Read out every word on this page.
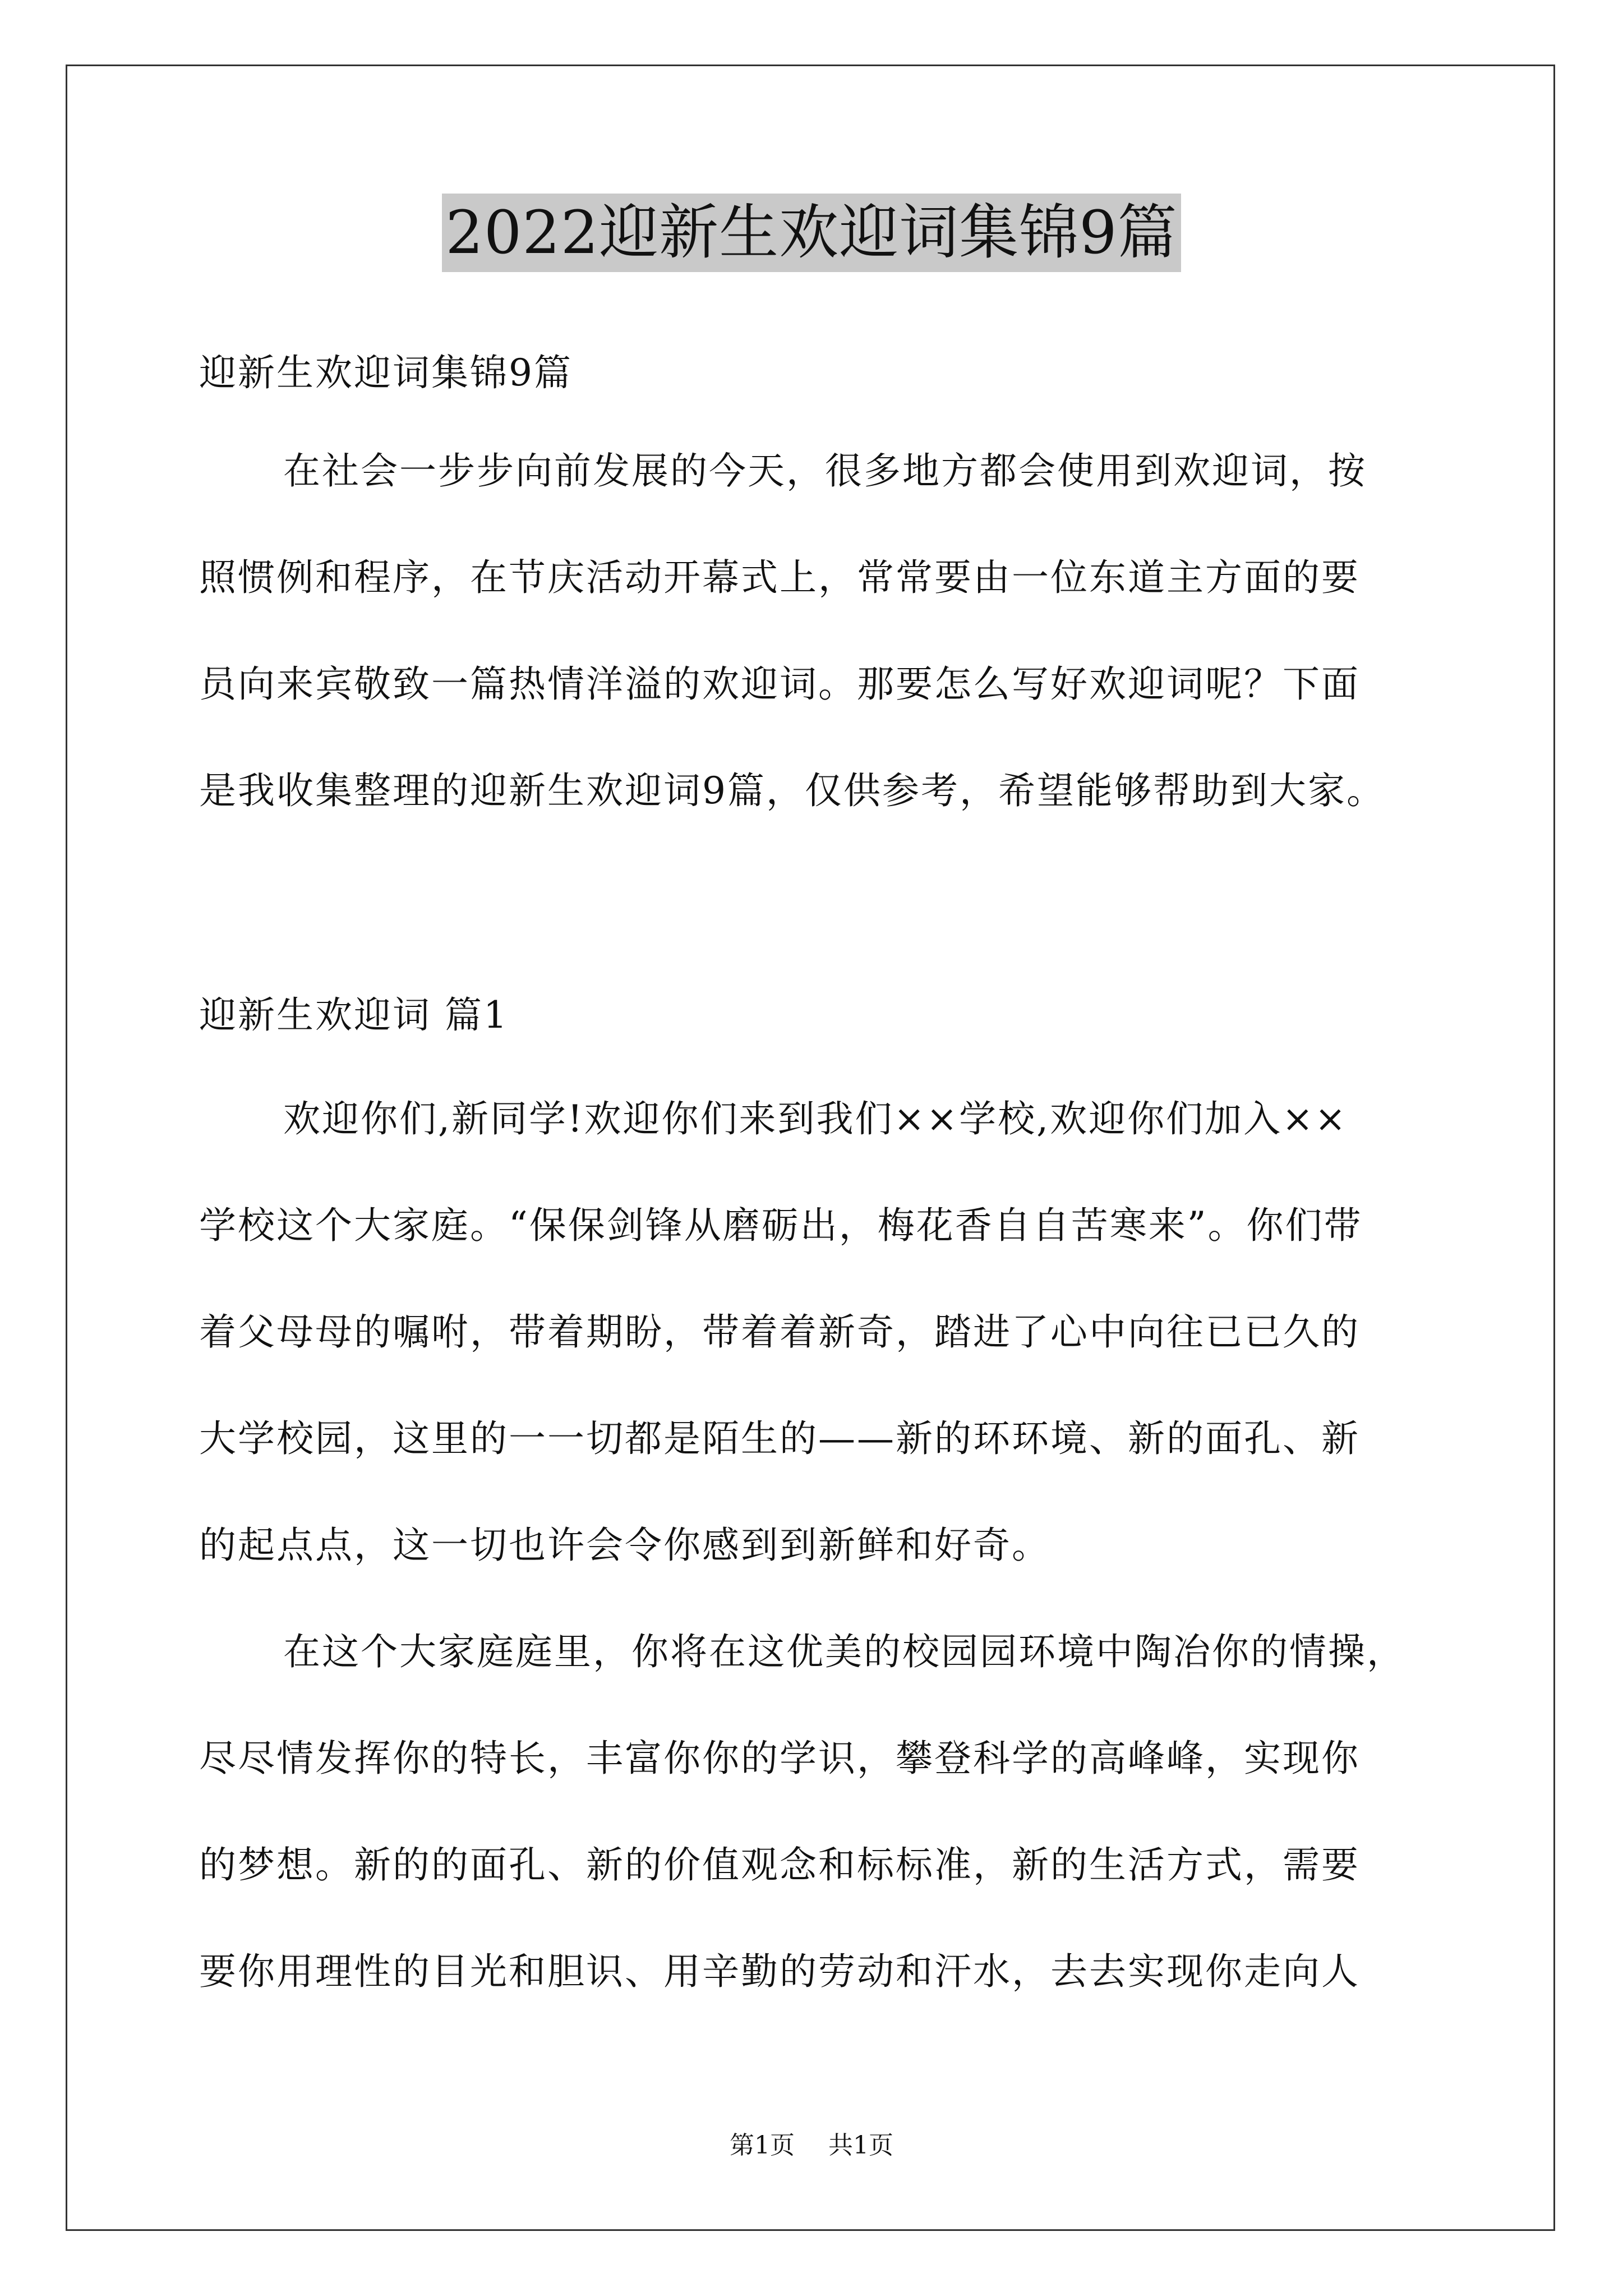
2022迎新生欢迎词集锦9篇
迎新生欢迎词集锦9篇
在社会一步步向前发展的今天，很多地方都会使用到欢迎词，按
照惯例和程序，在节庆活动开幕式上，常常要由一位东道主方面的要
员向来宾敬致一篇热情洋溢的欢迎词。那要怎么写好欢迎词呢？下面
是我收集整理的迎新生欢迎词9篇，仅供参考，希望能够帮助到大家。
迎新生欢迎词 篇1
欢迎你们,新同学!欢迎你们来到我们××学校,欢迎你们加入××
学校这个大家庭。“保保剑锋从磨砺出，梅花香自自苦寒来”。你们带
着父母母的嘱咐，带着期盼，带着着新奇，踏进了心中向往已已久的
大学校园，这里的一一切都是陌生的——新的环环境、新的面孔、新
的起点点，这一切也许会令你感到到新鲜和好奇。
在这个大家庭庭里，你将在这优美的校园园环境中陶冶你的情操，
尽尽情发挥你的特长，丰富你你的学识，攀登科学的高峰峰，实现你
的梦想。新的的面孔、新的价值观念和标标准，新的生活方式，需要
要你用理性的目光和胆识、用辛勤的劳动和汗水，去去实现你走向人
第1页 共1页
